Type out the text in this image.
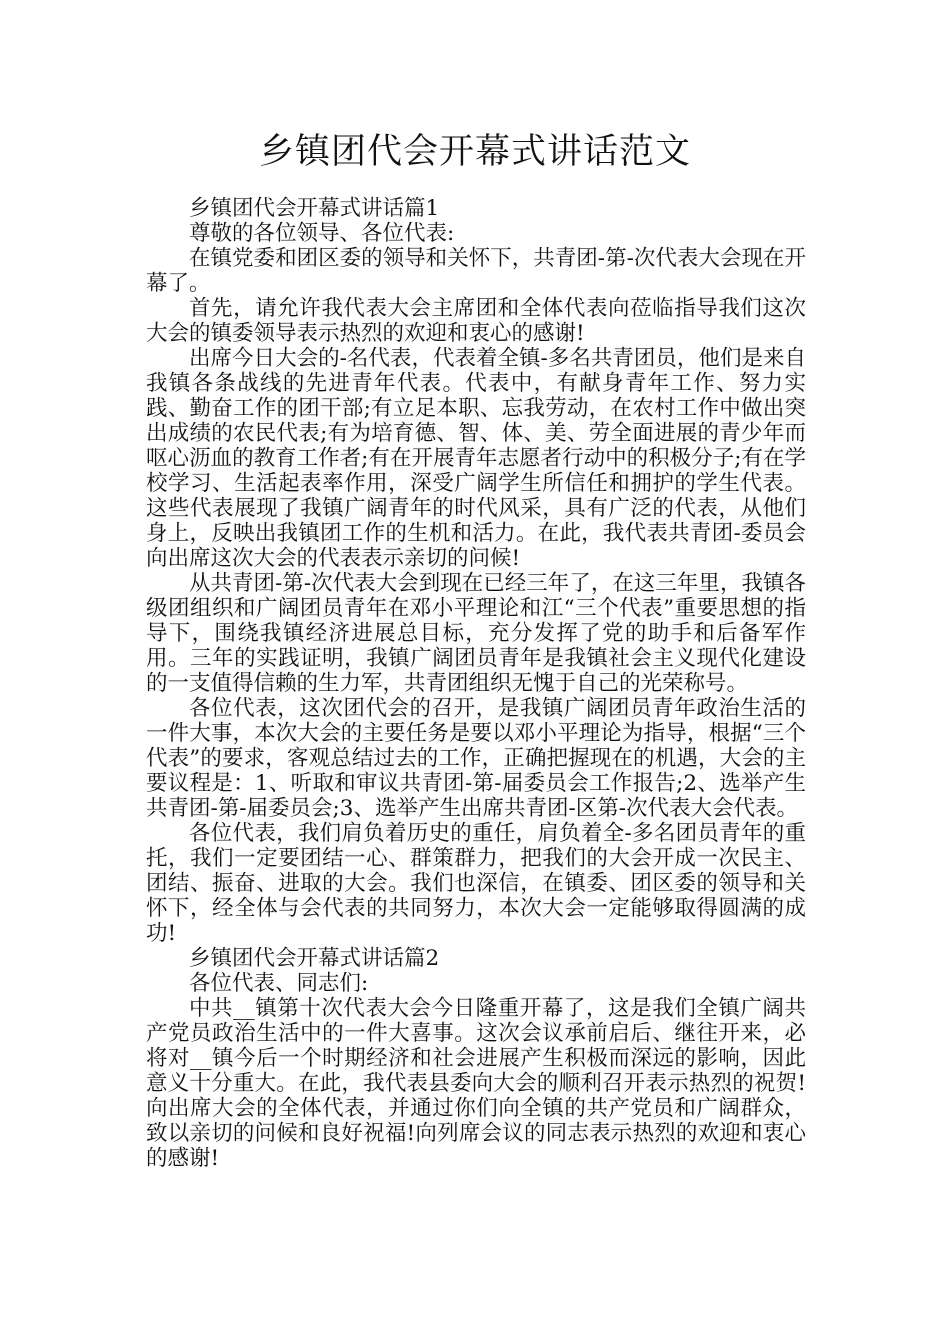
乡镇团代会开幕式讲话范文

乡镇团代会开幕式讲话篇1

尊敬的各位领导、各位代表:

在镇党委和团区委的领导和关怀下，共青团-第-次代表大会现在开幕了。

首先，请允许我代表大会主席团和全体代表向莅临指导我们这次大会的镇委领导表示热烈的欢迎和衷心的感谢!

出席今日大会的-名代表，代表着全镇-多名共青团员，他们是来自我镇各条战线的先进青年代表。代表中，有献身青年工作、努力实践、勤奋工作的团干部;有立足本职、忘我劳动，在农村工作中做出突出成绩的农民代表;有为培育德、智、体、美、劳全面进展的青少年而呕心沥血的教育工作者;有在开展青年志愿者行动中的积极分子;有在学校学习、生活起表率作用，深受广阔学生所信任和拥护的学生代表。这些代表展现了我镇广阔青年的时代风采，具有广泛的代表，从他们身上，反映出我镇团工作的生机和活力。在此，我代表共青团-委员会向出席这次大会的代表表示亲切的问候!

从共青团-第-次代表大会到现在已经三年了，在这三年里，我镇各级团组织和广阔团员青年在邓小平理论和江“三个代表”重要思想的指导下，围绕我镇经济进展总目标，充分发挥了党的助手和后备军作用。三年的实践证明，我镇广阔团员青年是我镇社会主义现代化建设的一支值得信赖的生力军，共青团组织无愧于自己的光荣称号。

各位代表，这次团代会的召开，是我镇广阔团员青年政治生活的一件大事，本次大会的主要任务是要以邓小平理论为指导，根据“三个代表”的要求，客观总结过去的工作，正确把握现在的机遇，大会的主要议程是：1、听取和审议共青团-第-届委员会工作报告;2、选举产生共青团-第-届委员会;3、选举产生出席共青团-区第-次代表大会代表。

各位代表，我们肩负着历史的重任，肩负着全-多名团员青年的重托，我们一定要团结一心、群策群力，把我们的大会开成一次民主、团结、振奋、进取的大会。我们也深信，在镇委、团区委的领导和关怀下，经全体与会代表的共同努力，本次大会一定能够取得圆满的成功!

乡镇团代会开幕式讲话篇2

各位代表、同志们:

中共__镇第十次代表大会今日隆重开幕了，这是我们全镇广阔共产党员政治生活中的一件大喜事。这次会议承前启后、继往开来，必将对__镇今后一个时期经济和社会进展产生积极而深远的影响，因此意义十分重大。在此，我代表县委向大会的顺利召开表示热烈的祝贺!向出席大会的全体代表，并通过你们向全镇的共产党员和广阔群众，致以亲切的问候和良好祝福!向列席会议的同志表示热烈的欢迎和衷心的感谢!
